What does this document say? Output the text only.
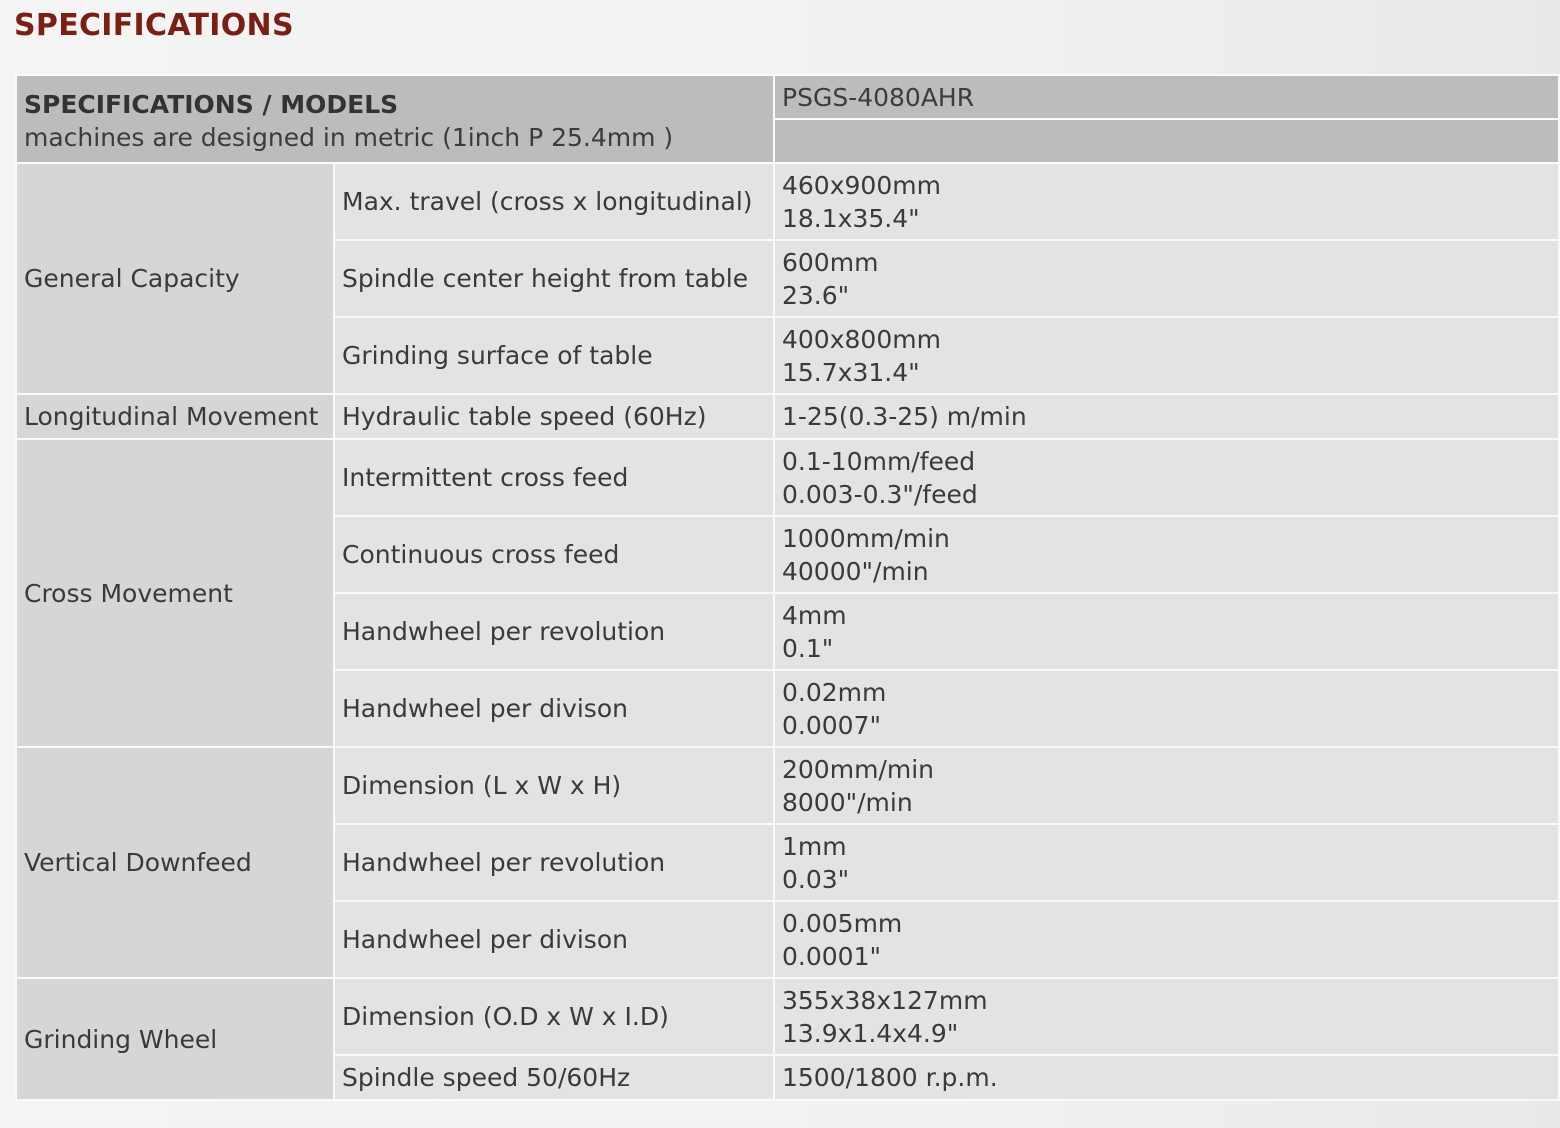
SPECIFICATIONS
SPECIFICATIONS / MODELS
machines are designed in metric (1inch P 25.4mm )		PSGS-4080AHR

General Capacity	Max. travel (cross x longitudinal)	460x900mm
18.1x35.4"

	Spindle center height from table	600mm
23.6"

	Grinding surface of table	400x800mm
15.7x31.4"

Longitudinal Movement	Hydraulic table speed (60Hz)	1-25(0.3-25) m/min

Cross Movement	Intermittent cross feed	0.1-10mm/feed
0.003-0.3"/feed

	Continuous cross feed	1000mm/min
40000"/min

	Handwheel per revolution	4mm
0.1"

	Handwheel per divison	0.02mm
0.0007"

Vertical Downfeed	Dimension (L x W x H)	200mm/min
8000"/min

	Handwheel per revolution	1mm
0.03"

	Handwheel per divison	0.005mm
0.0001"

Grinding Wheel	Dimension (O.D x W x I.D)	355x38x127mm
13.9x1.4x4.9"

	Spindle speed 50/60Hz	1500/1800 r.p.m.
